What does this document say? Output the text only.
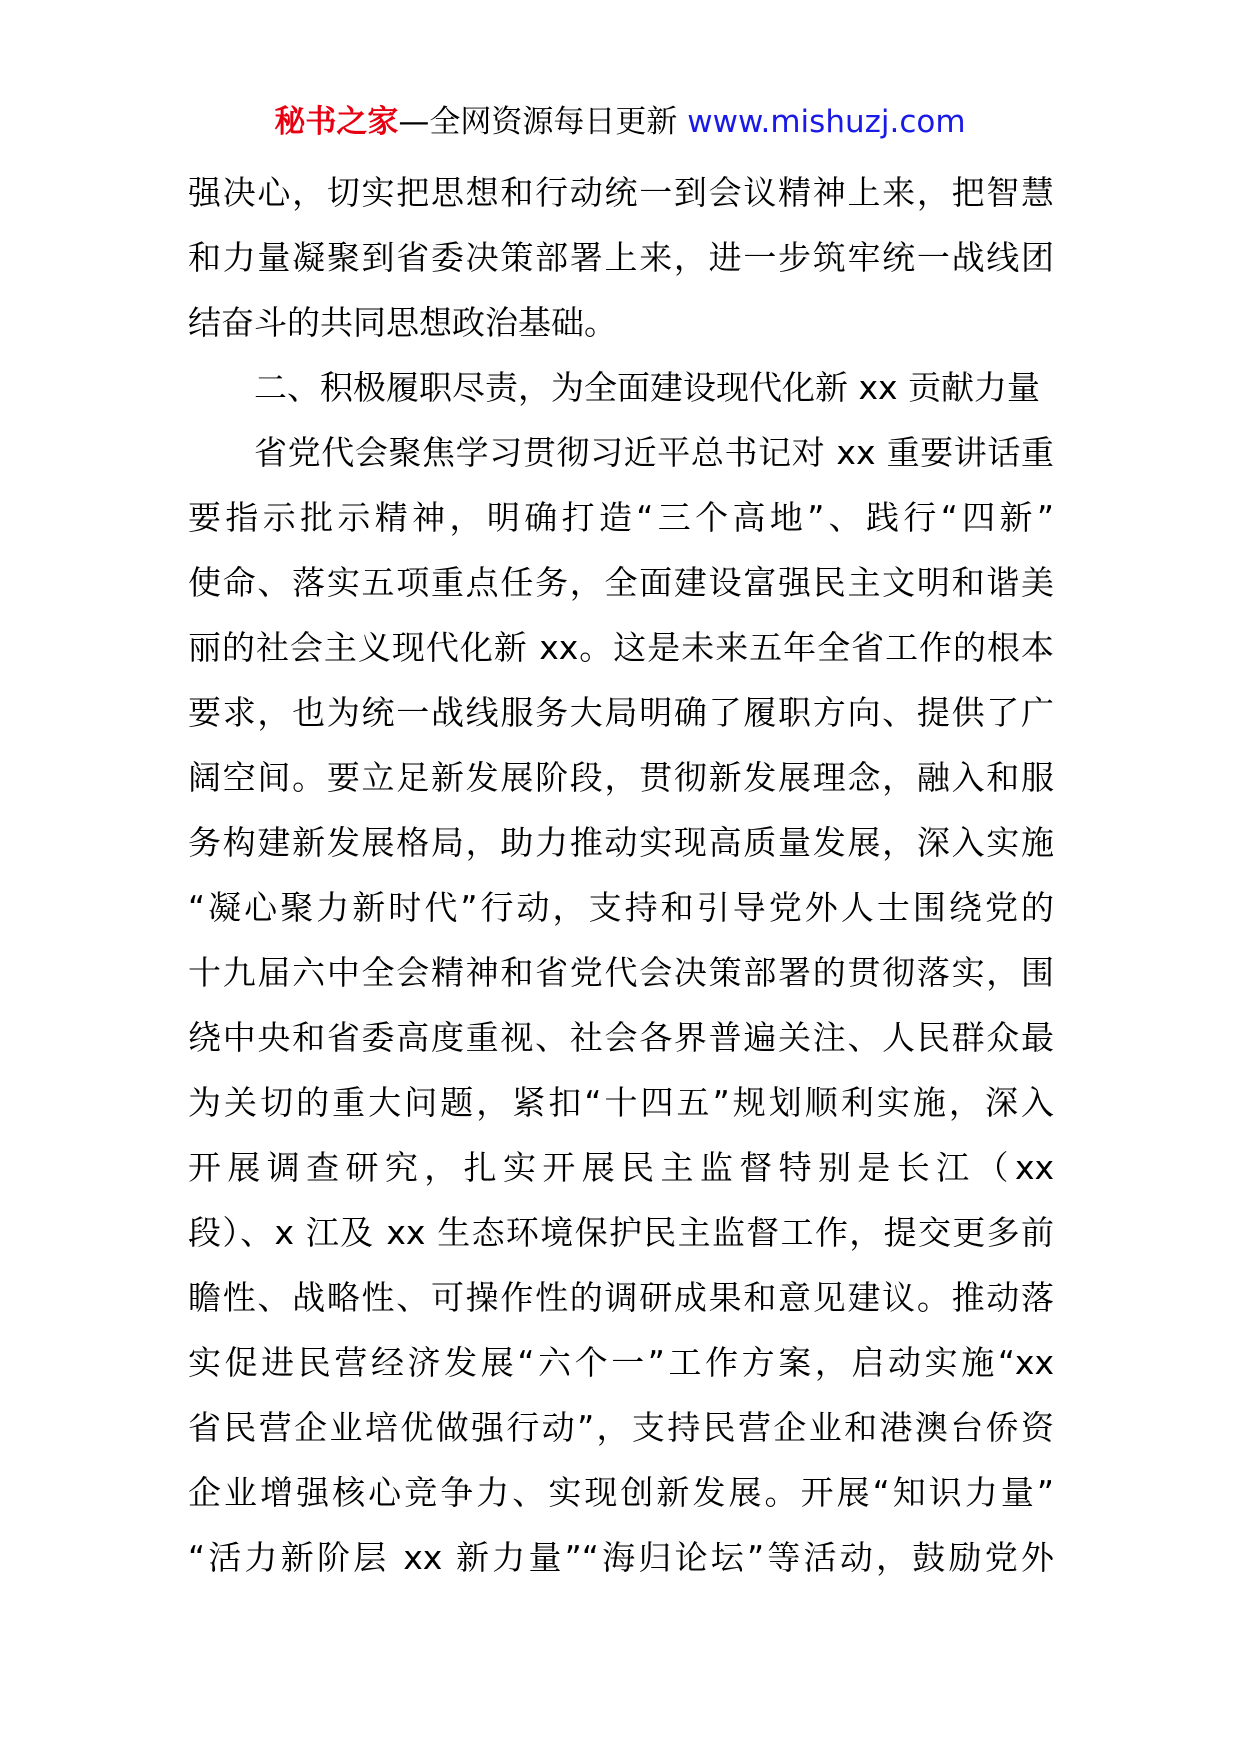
秘书之家—全网资源每日更新 www.mishuzj.com
强决心，切实把思想和行动统一到会议精神上来，把智慧
和力量凝聚到省委决策部署上来，进一步筑牢统一战线团
结奋斗的共同思想政治基础。
二、积极履职尽责，为全面建设现代化新 xx 贡献力量
省党代会聚焦学习贯彻习近平总书记对 xx 重要讲话重
要指示批示精神，明确打造“三个高地”、践行“四新”
使命、落实五项重点任务，全面建设富强民主文明和谐美
丽的社会主义现代化新 xx。这是未来五年全省工作的根本
要求，也为统一战线服务大局明确了履职方向、提供了广
阔空间。要立足新发展阶段，贯彻新发展理念，融入和服
务构建新发展格局，助力推动实现高质量发展，深入实施
“凝心聚力新时代”行动，支持和引导党外人士围绕党的
十九届六中全会精神和省党代会决策部署的贯彻落实，围
绕中央和省委高度重视、社会各界普遍关注、人民群众最
为关切的重大问题，紧扣“十四五”规划顺利实施，深入
开展调查研究，扎实开展民主监督特别是长江（xx
段）、x 江及 xx 生态环境保护民主监督工作，提交更多前
瞻性、战略性、可操作性的调研成果和意见建议。推动落
实促进民营经济发展“六个一”工作方案，启动实施“xx
省民营企业培优做强行动”，支持民营企业和港澳台侨资
企业增强核心竞争力、实现创新发展。开展“知识力量”
“活力新阶层 xx 新力量”“海归论坛”等活动，鼓励党外
